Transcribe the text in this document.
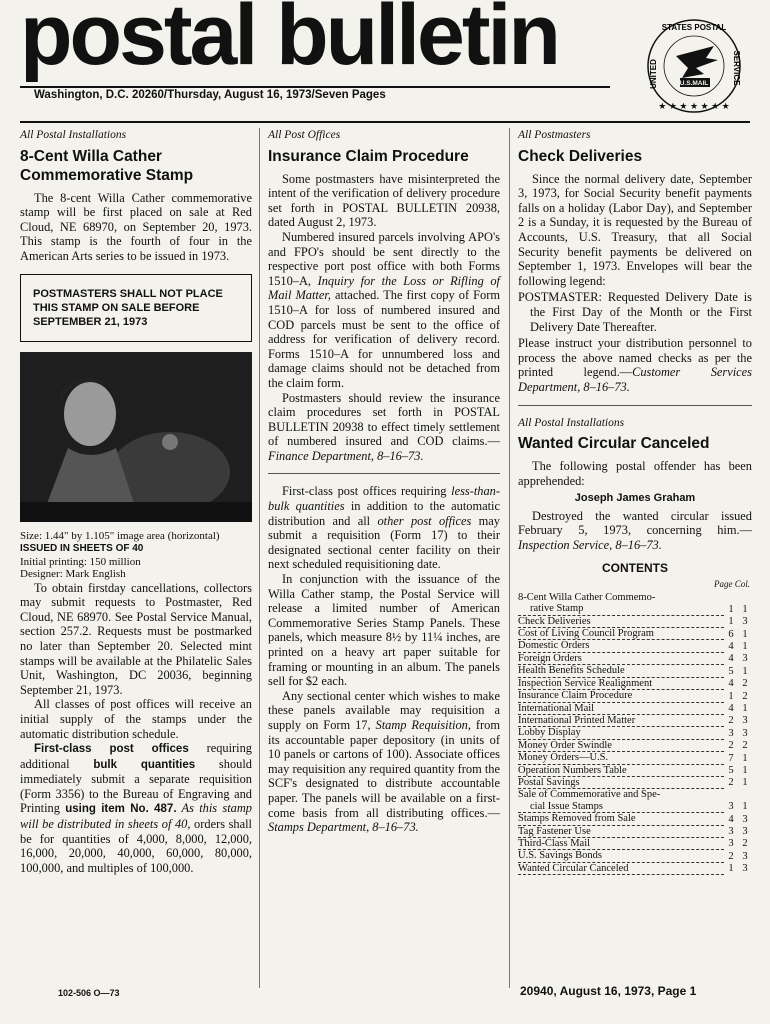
postal bulletin
U.S.MAIL
STATES POSTAL
UNITED	SERVICE
★ ★ ★ ★ ★ ★ ★
Washington, D.C. 20260/Thursday, August 16, 1973/Seven Pages
All Postal Installations
8-Cent Willa Cather Commemorative Stamp

The 8-cent Willa Cather commemorative stamp will be first placed on sale at Red Cloud, NE 68970, on September 20, 1973. This stamp is the fourth of four in the American Arts series to be issued in 1973.

POSTMASTERS SHALL NOT PLACE THIS STAMP ON SALE BEFORE SEPTEMBER 21, 1973
Size: 1.44" by 1.105" image area (horizontal)
ISSUED IN SHEETS OF 40
Initial printing: 150 million
Designer: Mark English

To obtain firstday cancellations, collectors may submit requests to Postmaster, Red Cloud, NE 68970. See Postal Service Manual, section 257.2. Requests must be postmarked no later than September 20. Selected mint stamps will be available at the Philatelic Sales Unit, Washington, DC 20036, beginning September 21, 1973.

All classes of post offices will receive an initial supply of the stamps under the automatic distribution schedule.

First-class post offices requiring additional bulk quantities should immediately submit a separate requisition (Form 3356) to the Bureau of Engraving and Printing using item No. 487. As this stamp will be distributed in sheets of 40, orders shall be for quantities of 4,000, 8,000, 12,000, 16,000, 20,000, 40,000, 60,000, 80,000, 100,000, and multiples of 100,000.

All Post Offices
Insurance Claim Procedure

Some postmasters have misinterpreted the intent of the verification of delivery procedure set forth in POSTAL BULLETIN 20938, dated August 2, 1973.

Numbered insured parcels involving APO's and FPO's should be sent directly to the respective port post office with both Forms 1510–A, Inquiry for the Loss or Rifling of Mail Matter, attached. The first copy of Form 1510–A for loss of numbered insured and COD parcels must be sent to the office of address for verification of delivery record. Forms 1510–A for unnumbered loss and damage claims should not be detached from the claim form.

Postmasters should review the insurance claim procedures set forth in POSTAL BULLETIN 20938 to effect timely settlement of numbered insured and COD claims.—Finance Department, 8–16–73.

First-class post offices requiring less-than-bulk quantities in addition to the automatic distribution and all other post offices may submit a requisition (Form 17) to their designated sectional center facility on their next scheduled requisitioning date.

In conjunction with the issuance of the Willa Cather stamp, the Postal Service will release a limited number of American Commemorative Series Stamp Panels. These panels, which measure 8½ by 11¼ inches, are printed on a heavy art paper suitable for framing or mounting in an album. The panels sell for $2 each.

Any sectional center which wishes to make these panels available may requisition a supply on Form 17, Stamp Requisition, from its accountable paper depository (in units of 10 panels or cartons of 100). Associate offices may requisition any required quantity from the SCF's designated to distribute accountable paper. The panels will be available on a first-come basis from all distributing offices.—Stamps Department, 8–16–73.

All Postmasters
Check Deliveries

Since the normal delivery date, September 3, 1973, for Social Security benefit payments falls on a holiday (Labor Day), and September 2 is a Sunday, it is requested by the Bureau of Accounts, U.S. Treasury, that all Social Security benefit payments be delivered on September 1, 1973. Envelopes will bear the following legend:

POSTMASTER: Requested Delivery Date is the First Day of the Month or the First Delivery Date Thereafter.

Please instruct your distribution personnel to process the above named checks as per the printed legend.—Customer Services Department, 8–16–73.

All Postal Installations
Wanted Circular Canceled

The following postal offender has been apprehended:

Joseph James Graham

Destroyed the wanted circular issued February 5, 1973, concerning him.—Inspection Service, 8–16–73.

CONTENTS
Page Col.
8-Cent Willa Cather Commemo-		
rative Stamp	1	1
Check Deliveries	1	3
Cost of Living Council Program	6	1
Domestic Orders	4	1
Foreign Orders	4	3
Health Benefits Schedule	5	1
Inspection Service Realignment	4	2
Insurance Claim Procedure	1	2
International Mail	4	1
International Printed Matter	2	3
Lobby Display	3	3
Money Order Swindle	2	2
Money Orders—U.S.	7	1
Operation Numbers Table	5	1
Postal Savings	2	1
Sale of Commemorative and Spe-		
cial Issue Stamps	3	1
Stamps Removed from Sale	4	3
Tag Fastener Use	3	3
Third-Class Mail	3	2
U.S. Savings Bonds	2	3
Wanted Circular Canceled	1	3
102-506 O—73	20940, August 16, 1973, Page 1
